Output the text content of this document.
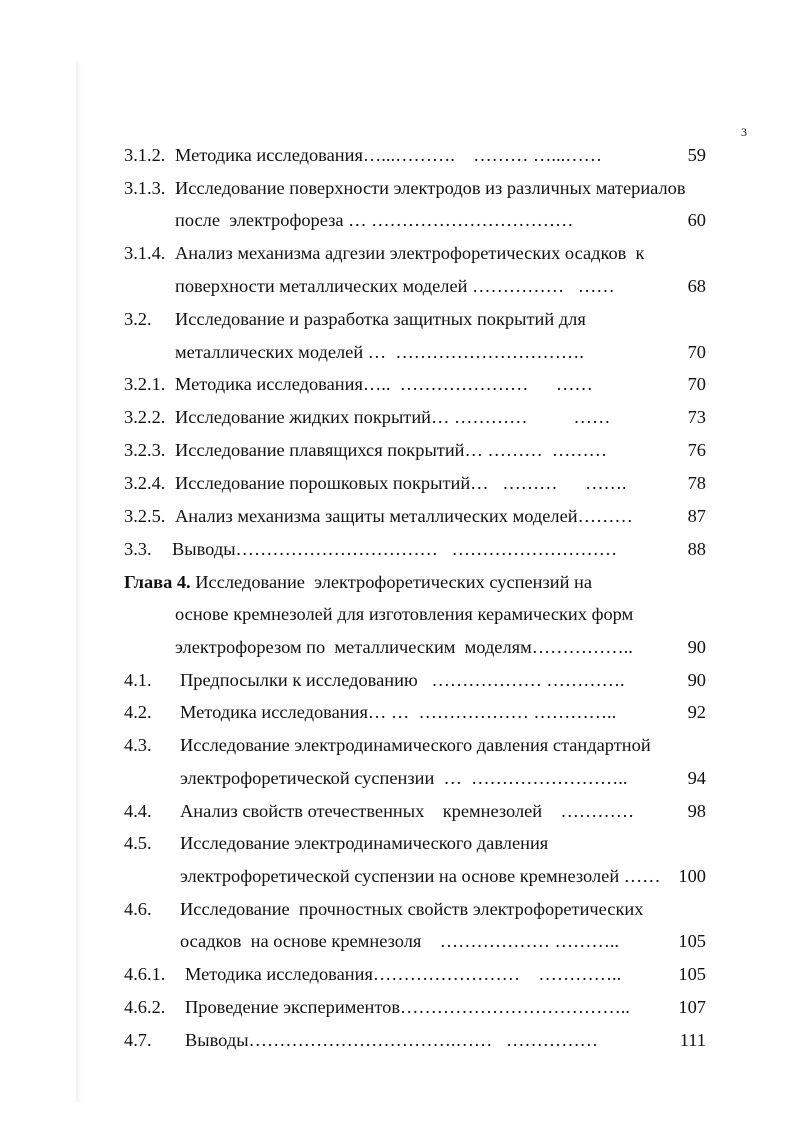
3
3.1.2. Методика исследования…...……….    ……… …...……	59
3.1.3. Исследование поверхности электродов из различных материалов
после  электрофореза … ……………………………	60
3.1.4. Анализ механизма адгезии электрофоретических осадков  к
поверхности металлических моделей ……………   ……	68
3.2. Исследование и разработка защитных покрытий для
металлических моделей …  ………………………….	70
3.2.1. Методика исследования…..  …………………      ……	70
3.2.2. Исследование жидких покрытий… …………          ……	73
3.2.3. Исследование плавящихся покрытий… ………  ………	76
3.2.4. Исследование порошковых покрытий…   ………      …….	78
3.2.5. Анализ механизма защиты металлических моделей………	87
3.3. Выводы……………………………   ………………………	88
Глава 4. Исследование  электрофоретических суспензий на
основе кремнезолей для изготовления керамических форм
электрофорезом по  металлическим  моделям……………..	90
4.1. Предпосылки к исследованию   ……………… ………….	90
4.2. Методика исследования… …  ……………… …………..	92
4.3. Исследование электродинамического давления стандартной
электрофоретической суспензии  …  ……………………..	94
4.4. Анализ свойств отечественных    кремнезолей    …………	98
4.5. Исследование электродинамического давления
электрофоретической суспензии на основе кремнезолей …… 100
4.6. Исследование  прочностных свойств электрофоретических
осадков  на основе кремнезоля    ……………… ………..	105
4.6.1. Методика исследования……………………    …………..	105
4.6.2. Проведение экспериментов………………………………..	107
4.7. Выводы…………………………….……   ……………	111
